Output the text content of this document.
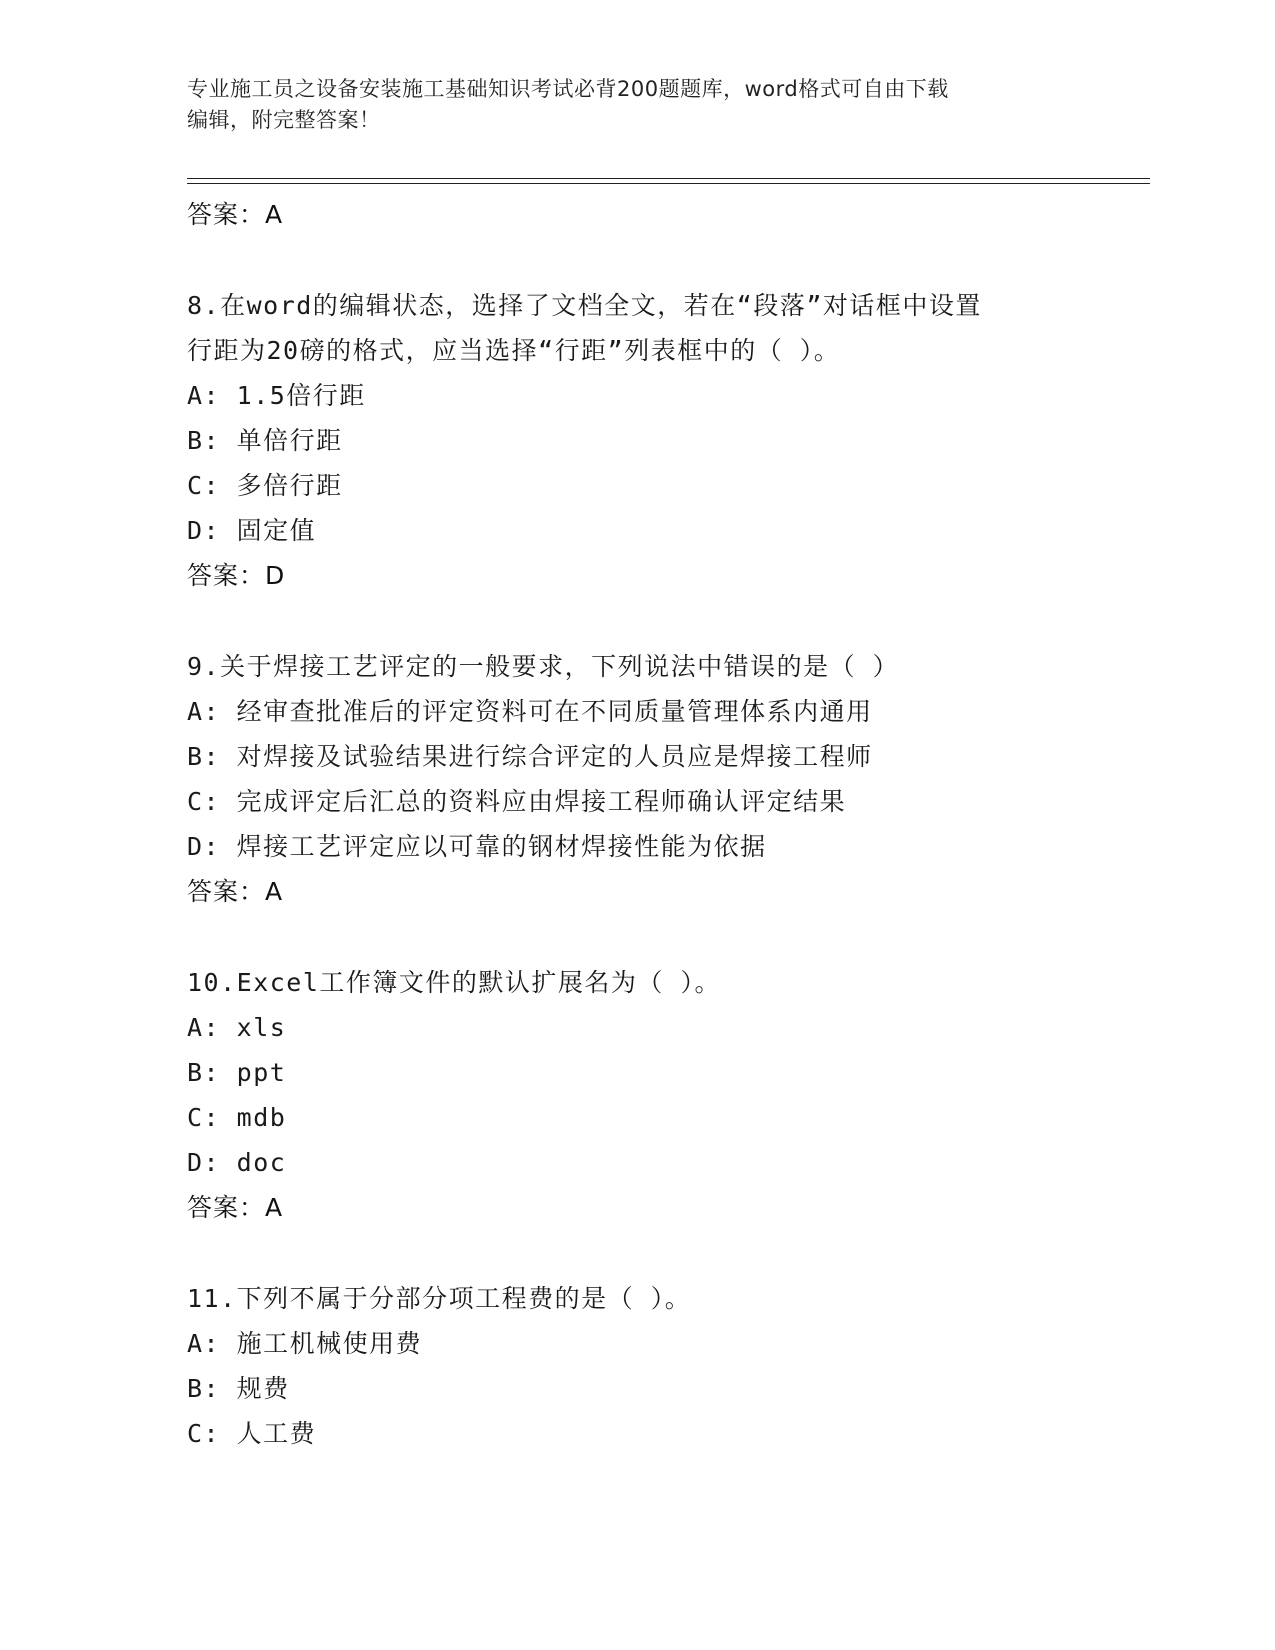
专业施工员之设备安装施工基础知识考试必背200题题库，word格式可自由下载
编辑，附完整答案！
答案：A
8.在word的编辑状态，选择了文档全文，若在“段落”对话框中设置
行距为20磅的格式，应当选择“行距”列表框中的（ ）。
A: 1.5倍行距
B: 单倍行距
C: 多倍行距
D: 固定值
答案：D
9.关于焊接工艺评定的一般要求，下列说法中错误的是（ ）
A: 经审查批准后的评定资料可在不同质量管理体系内通用
B: 对焊接及试验结果进行综合评定的人员应是焊接工程师
C: 完成评定后汇总的资料应由焊接工程师确认评定结果
D: 焊接工艺评定应以可靠的钢材焊接性能为依据
答案：A
10.Excel工作簿文件的默认扩展名为（ ）。
A: xls
B: ppt
C: mdb
D: doc
答案：A
11.下列不属于分部分项工程费的是（ ）。
A: 施工机械使用费
B: 规费
C: 人工费
